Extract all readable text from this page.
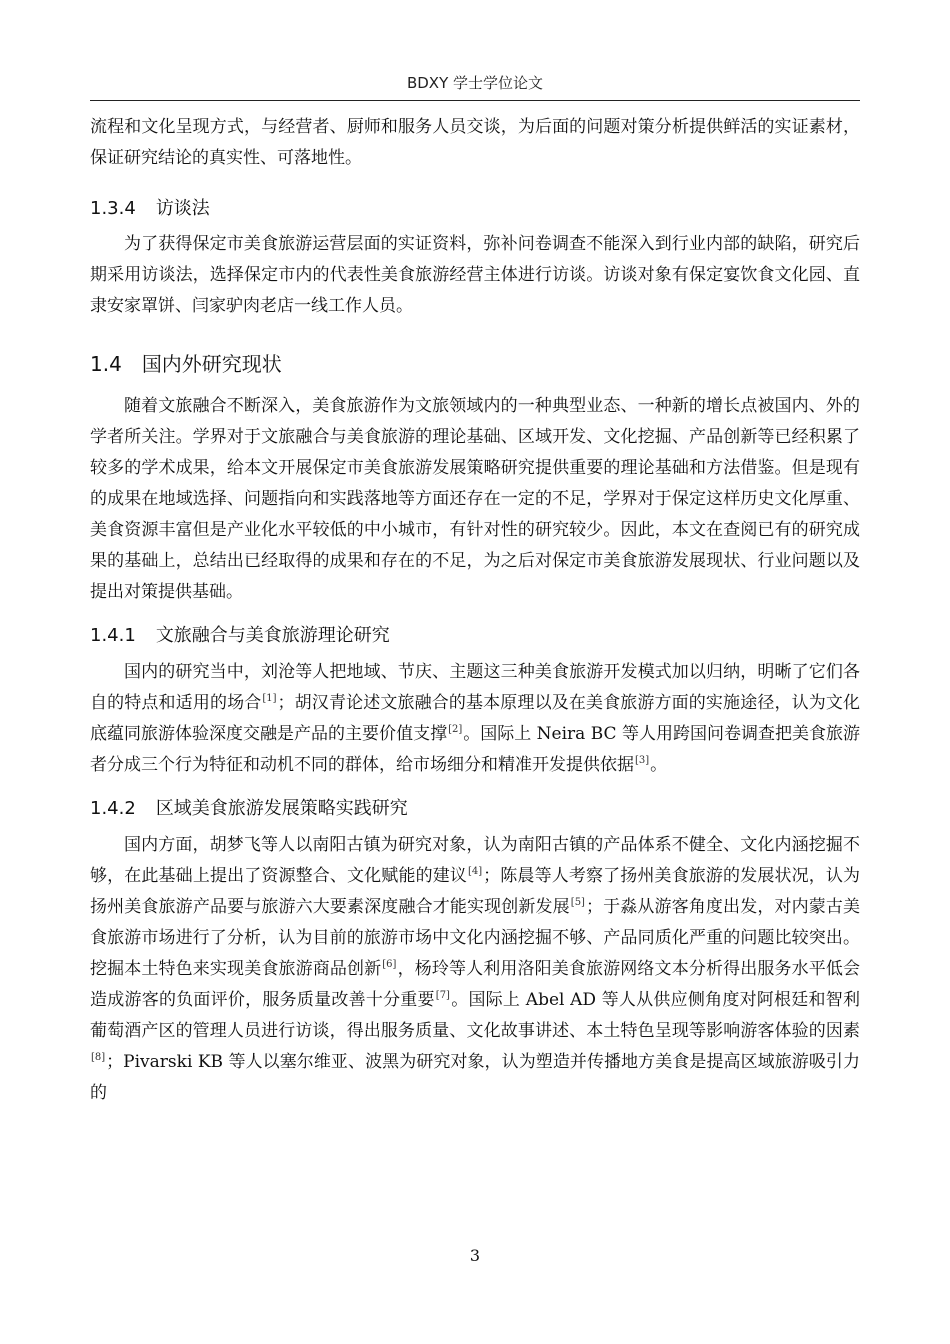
BDXY 学士学位论文

流程和文化呈现方式，与经营者、厨师和服务人员交谈，为后面的问题对策分析提供鲜活的实证素材，保证研究结论的真实性、可落地性。

1.3.4 访谈法

为了获得保定市美食旅游运营层面的实证资料，弥补问卷调查不能深入到行业内部的缺陷，研究后期采用访谈法，选择保定市内的代表性美食旅游经营主体进行访谈。访谈对象有保定宴饮食文化园、直隶安家罩饼、闫家驴肉老店一线工作人员。

1.4 国内外研究现状

随着文旅融合不断深入，美食旅游作为文旅领域内的一种典型业态、一种新的增长点被国内、外的学者所关注。学界对于文旅融合与美食旅游的理论基础、区域开发、文化挖掘、产品创新等已经积累了较多的学术成果，给本文开展保定市美食旅游发展策略研究提供重要的理论基础和方法借鉴。但是现有的成果在地域选择、问题指向和实践落地等方面还存在一定的不足，学界对于保定这样历史文化厚重、美食资源丰富但是产业化水平较低的中小城市，有针对性的研究较少。因此，本文在查阅已有的研究成果的基础上，总结出已经取得的成果和存在的不足，为之后对保定市美食旅游发展现状、行业问题以及提出对策提供基础。

1.4.1 文旅融合与美食旅游理论研究

国内的研究当中，刘沧等人把地域、节庆、主题这三种美食旅游开发模式加以归纳，明晰了它们各自的特点和适用的场合[1]；胡汉青论述文旅融合的基本原理以及在美食旅游方面的实施途径，认为文化底蕴同旅游体验深度交融是产品的主要价值支撑[2]。国际上 Neira BC 等人用跨国问卷调查把美食旅游者分成三个行为特征和动机不同的群体，给市场细分和精准开发提供依据[3]。

1.4.2 区域美食旅游发展策略实践研究

国内方面，胡梦飞等人以南阳古镇为研究对象，认为南阳古镇的产品体系不健全、文化内涵挖掘不够，在此基础上提出了资源整合、文化赋能的建议[4]；陈晨等人考察了扬州美食旅游的发展状况，认为扬州美食旅游产品要与旅游六大要素深度融合才能实现创新发展[5]；于淼从游客角度出发，对内蒙古美食旅游市场进行了分析，认为目前的旅游市场中文化内涵挖掘不够、产品同质化严重的问题比较突出。挖掘本土特色来实现美食旅游商品创新[6]，杨玲等人利用洛阳美食旅游网络文本分析得出服务水平低会造成游客的负面评价，服务质量改善十分重要[7]。国际上 Abel AD 等人从供应侧角度对阿根廷和智利葡萄酒产区的管理人员进行访谈，得出服务质量、文化故事讲述、本土特色呈现等影响游客体验的因素[8]；Pivarski KB 等人以塞尔维亚、波黑为研究对象，认为塑造并传播地方美食是提高区域旅游吸引力的

3
